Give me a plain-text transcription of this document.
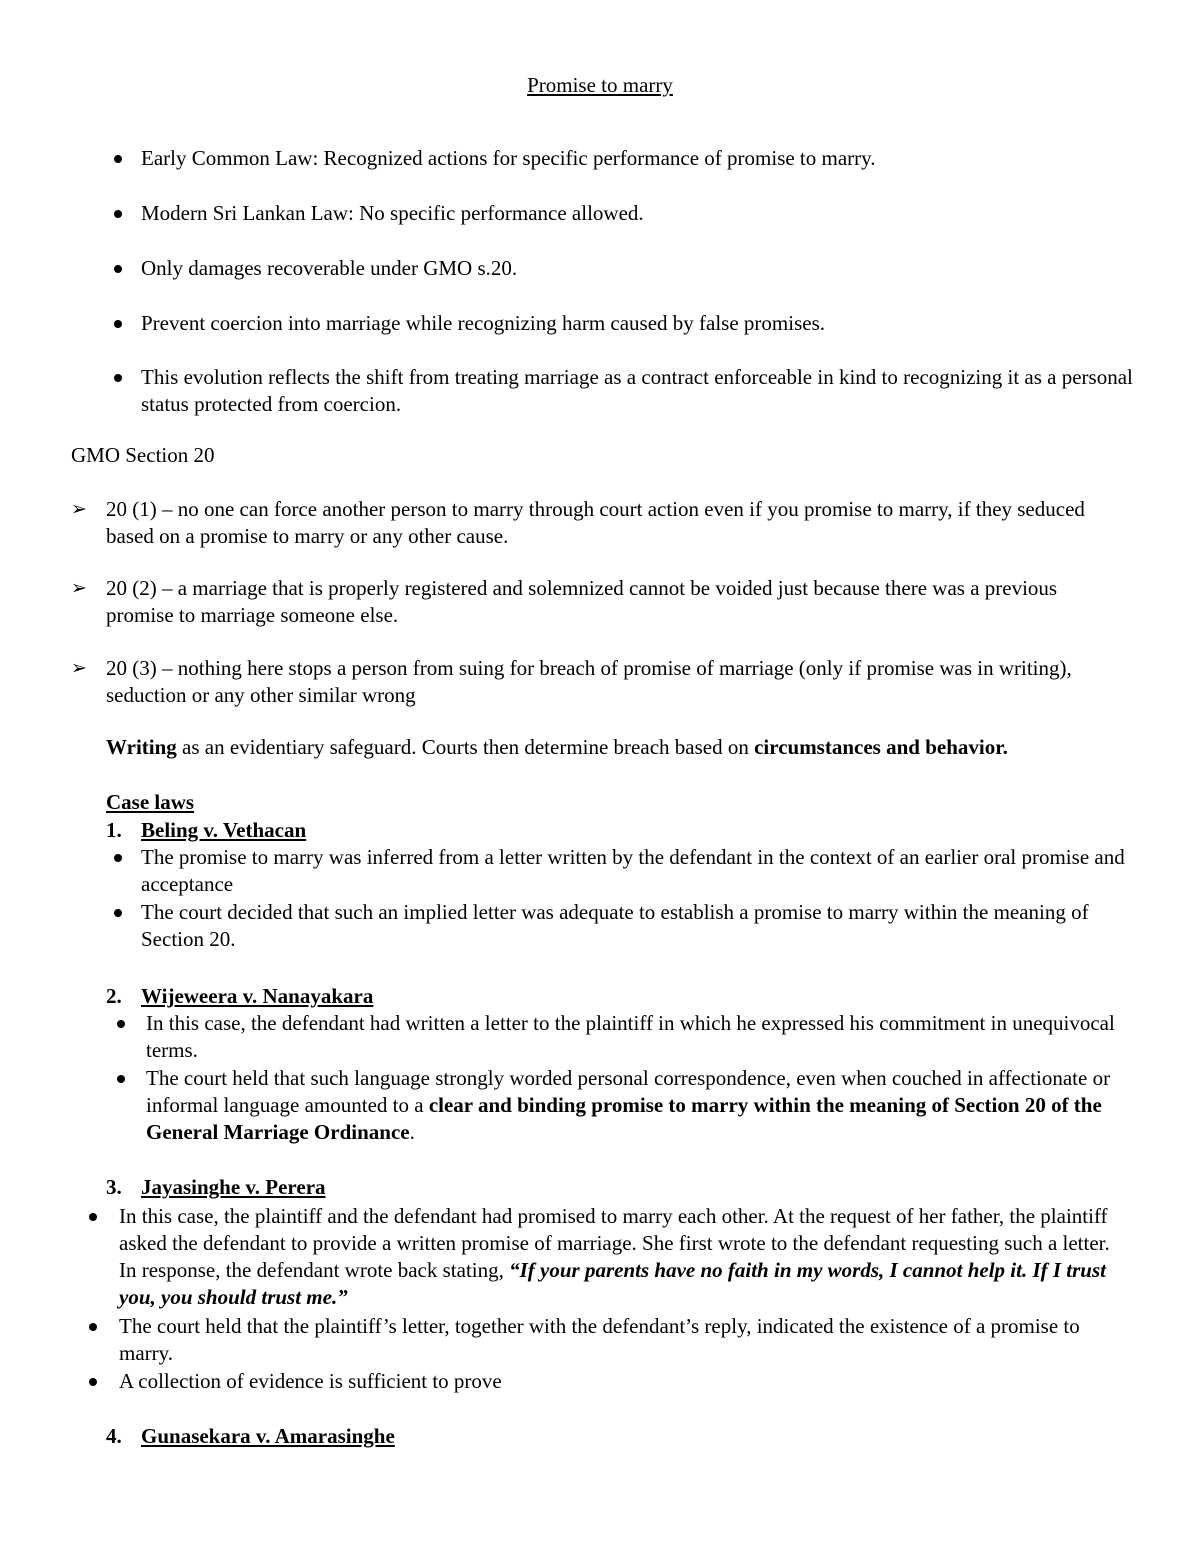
Promise to marry
Early Common Law: Recognized actions for specific performance of promise to marry.
Modern Sri Lankan Law: No specific performance allowed.
Only damages recoverable under GMO s.20.
Prevent coercion into marriage while recognizing harm caused by false promises.
This evolution reflects the shift from treating marriage as a contract enforceable in kind to recognizing it as a personal status protected from coercion.
GMO Section 20
➢ 20 (1) – no one can force another person to marry through court action even if you promise to marry, if they seduced based on a promise to marry or any other cause.
➢ 20 (2) – a marriage that is properly registered and solemnized cannot be voided just because there was a previous promise to marriage someone else.
➢ 20 (3) – nothing here stops a person from suing for breach of promise of marriage (only if promise was in writing), seduction or any other similar wrong
Writing as an evidentiary safeguard. Courts then determine breach based on circumstances and behavior.
Case laws
1. Beling v. Vethacan
The promise to marry was inferred from a letter written by the defendant in the context of an earlier oral promise and acceptance
The court decided that such an implied letter was adequate to establish a promise to marry within the meaning of Section 20.
2. Wijeweera v. Nanayakara
In this case, the defendant had written a letter to the plaintiff in which he expressed his commitment in unequivocal terms.
The court held that such language strongly worded personal correspondence, even when couched in affectionate or informal language amounted to a clear and binding promise to marry within the meaning of Section 20 of the General Marriage Ordinance.
3. Jayasinghe v. Perera
In this case, the plaintiff and the defendant had promised to marry each other. At the request of her father, the plaintiff asked the defendant to provide a written promise of marriage. She first wrote to the defendant requesting such a letter. In response, the defendant wrote back stating, “If your parents have no faith in my words, I cannot help it. If I trust you, you should trust me.”
The court held that the plaintiff’s letter, together with the defendant’s reply, indicated the existence of a promise to marry.
A collection of evidence is sufficient to prove
4. Gunasekara v. Amarasinghe
